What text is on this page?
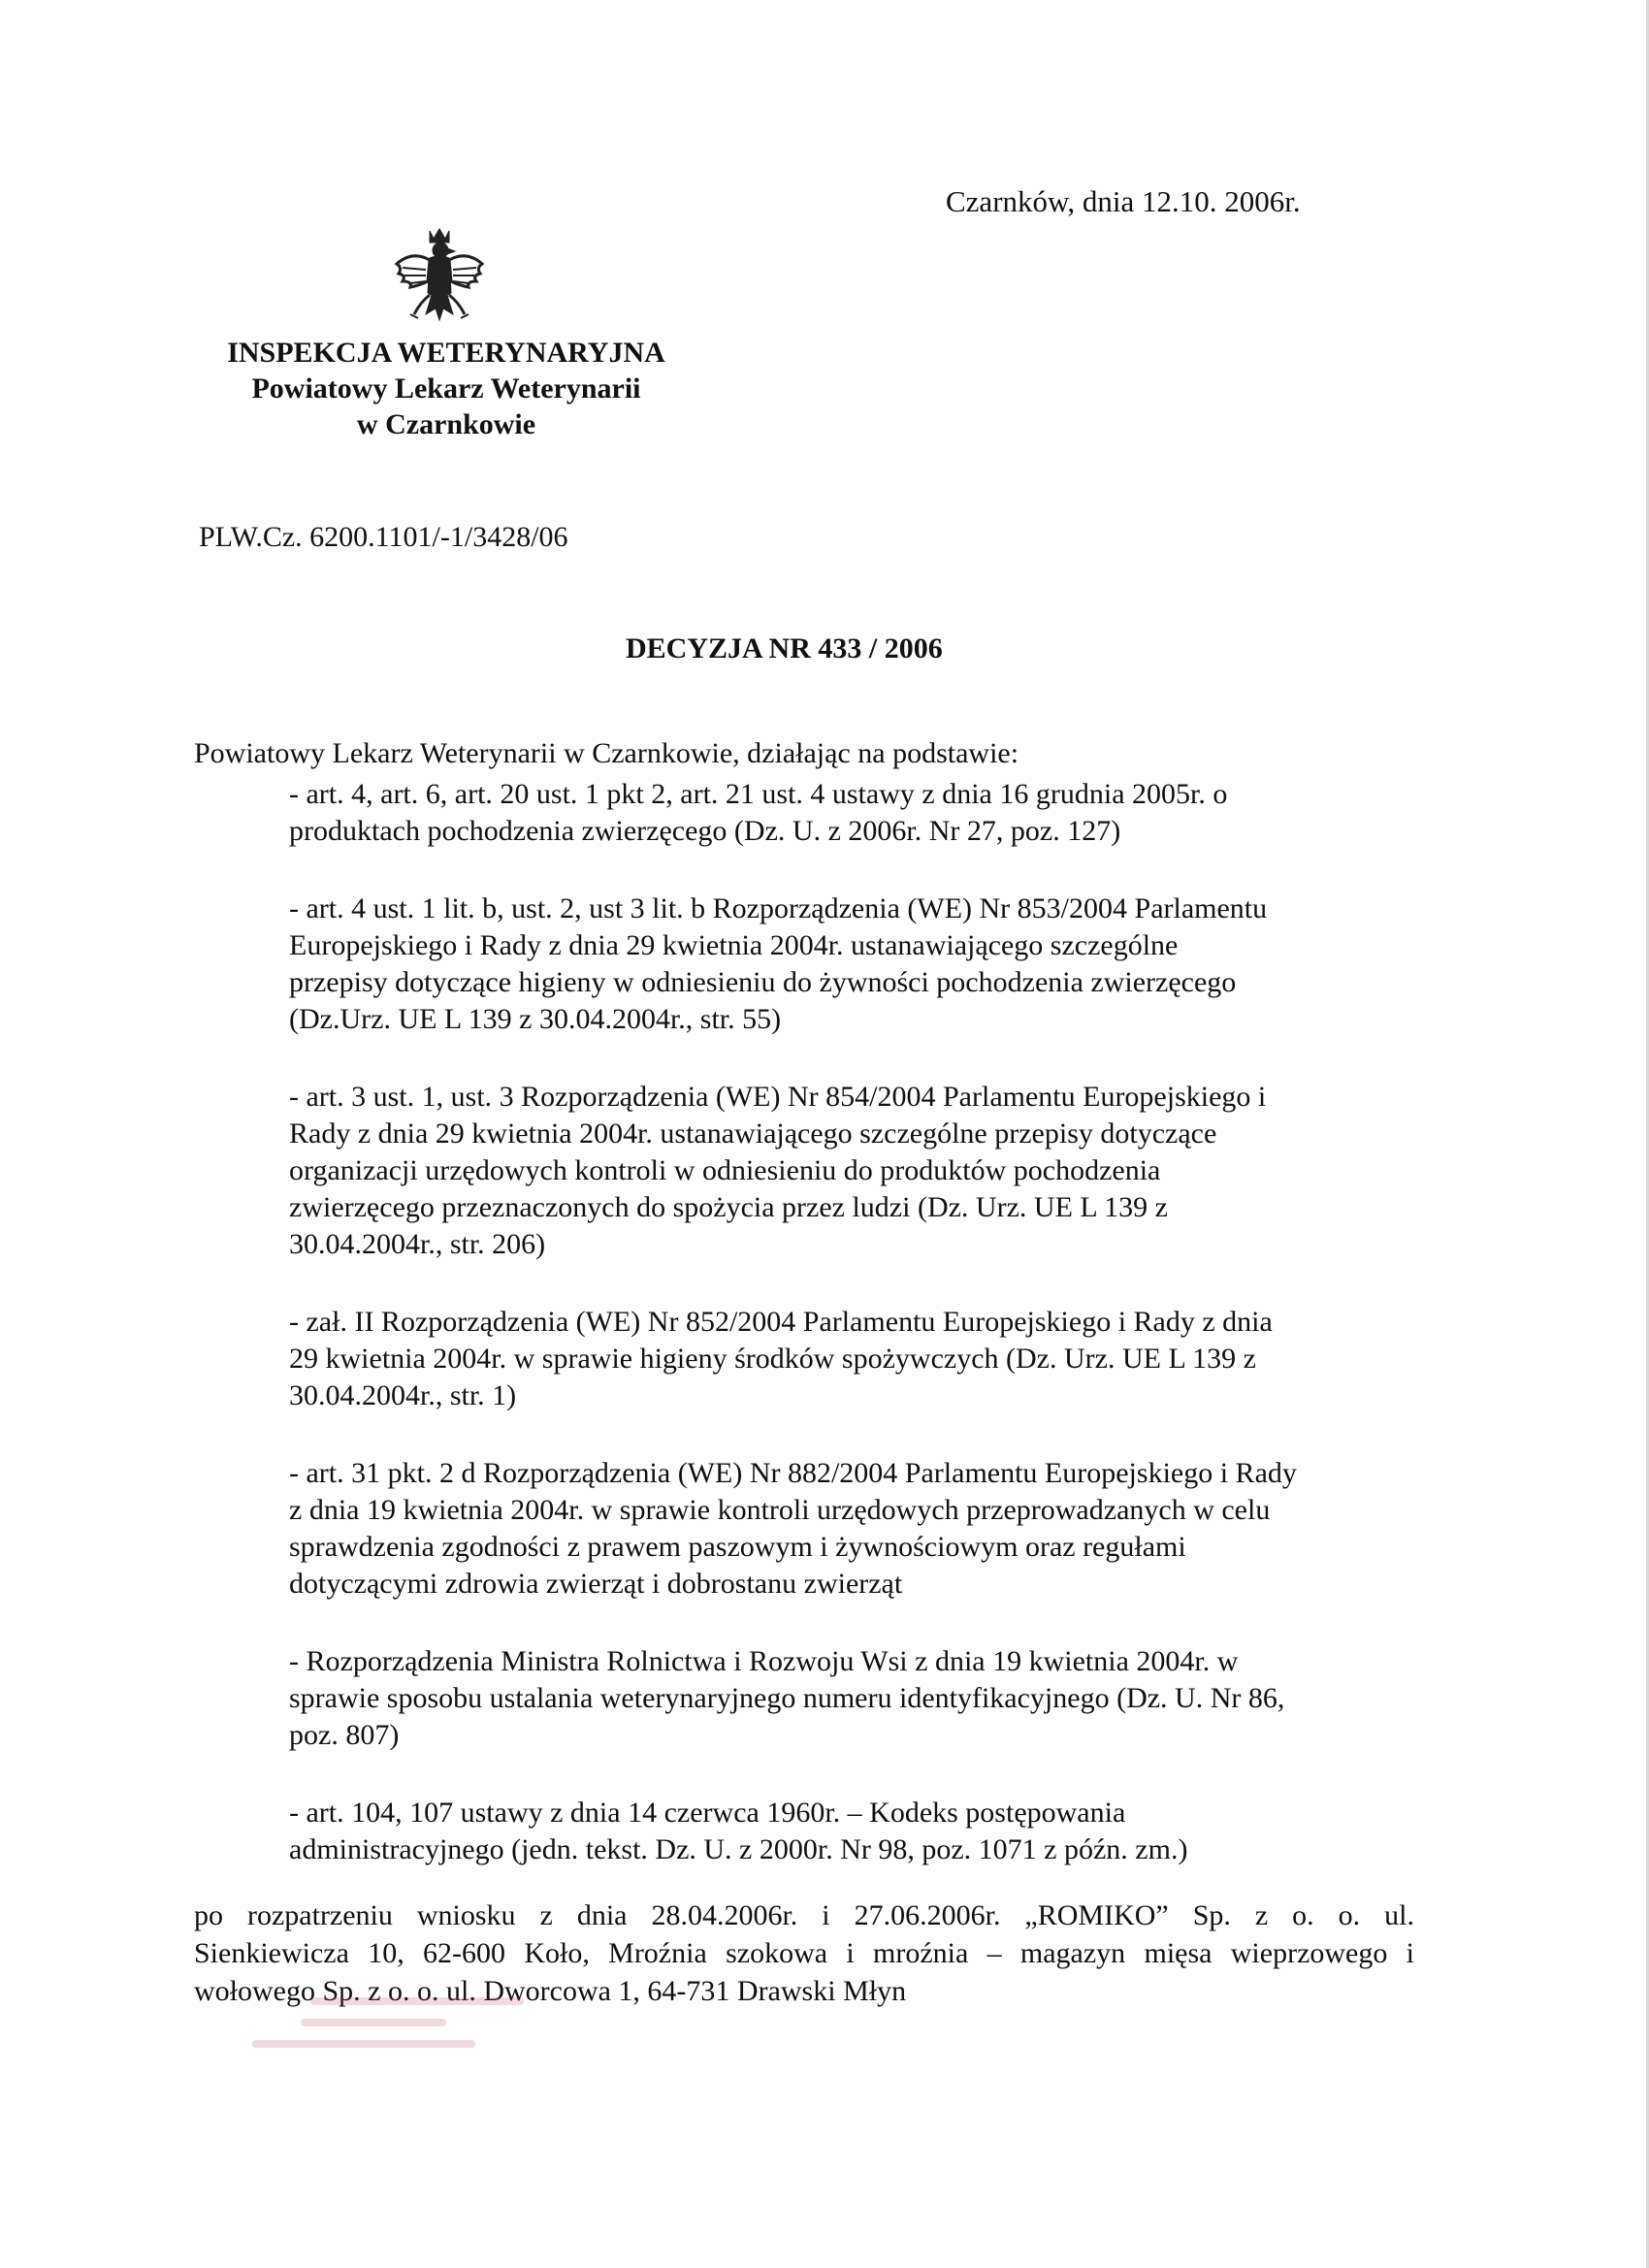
Czarnków, dnia 12.10. 2006r.
INSPEKCJA WETERYNARYJNA
Powiatowy Lekarz Weterynarii
w Czarnkowie
PLW.Cz. 6200.1101/-1/3428/06
DECYZJA NR 433 / 2006
Powiatowy Lekarz Weterynarii w Czarnkowie, działając na podstawie:
- art. 4, art. 6, art. 20 ust. 1 pkt 2, art. 21 ust. 4 ustawy z dnia 16 grudnia 2005r. o
produktach pochodzenia zwierzęcego (Dz. U. z 2006r. Nr 27, poz. 127)
- art. 4 ust. 1 lit. b, ust. 2, ust 3 lit. b Rozporządzenia (WE) Nr 853/2004 Parlamentu
Europejskiego i Rady z dnia 29 kwietnia 2004r. ustanawiającego szczególne
przepisy dotyczące higieny w odniesieniu do żywności pochodzenia zwierzęcego
(Dz.Urz. UE L 139 z 30.04.2004r., str. 55)
- art. 3 ust. 1, ust. 3 Rozporządzenia (WE) Nr 854/2004 Parlamentu Europejskiego i
Rady z dnia 29 kwietnia 2004r. ustanawiającego szczególne przepisy dotyczące
organizacji urzędowych kontroli w odniesieniu do produktów pochodzenia
zwierzęcego przeznaczonych do spożycia przez ludzi (Dz. Urz. UE L 139 z
30.04.2004r., str. 206)
- zał. II Rozporządzenia (WE) Nr 852/2004 Parlamentu Europejskiego i Rady z dnia
29 kwietnia 2004r. w sprawie higieny środków spożywczych (Dz. Urz. UE L 139 z
30.04.2004r., str. 1)
- art. 31 pkt. 2 d Rozporządzenia (WE) Nr 882/2004 Parlamentu Europejskiego i Rady
z dnia 19 kwietnia 2004r. w sprawie kontroli urzędowych przeprowadzanych w celu
sprawdzenia zgodności z prawem paszowym i żywnościowym oraz regułami
dotyczącymi zdrowia zwierząt i dobrostanu zwierząt
- Rozporządzenia Ministra Rolnictwa i Rozwoju Wsi z dnia 19 kwietnia 2004r. w
sprawie sposobu ustalania weterynaryjnego numeru identyfikacyjnego (Dz. U. Nr 86,
poz. 807)
- art. 104, 107 ustawy z dnia 14 czerwca 1960r. – Kodeks postępowania
administracyjnego (jedn. tekst. Dz. U. z 2000r. Nr 98, poz. 1071 z późn. zm.)
po rozpatrzeniu wniosku z dnia 28.04.2006r. i 27.06.2006r. „ROMIKO” Sp. z o. o. ul.
Sienkiewicza 10, 62-600 Koło, Mroźnia szokowa i mroźnia – magazyn mięsa wieprzowego i
wołowego Sp. z o. o. ul. Dworcowa 1, 64-731 Drawski Młyn
